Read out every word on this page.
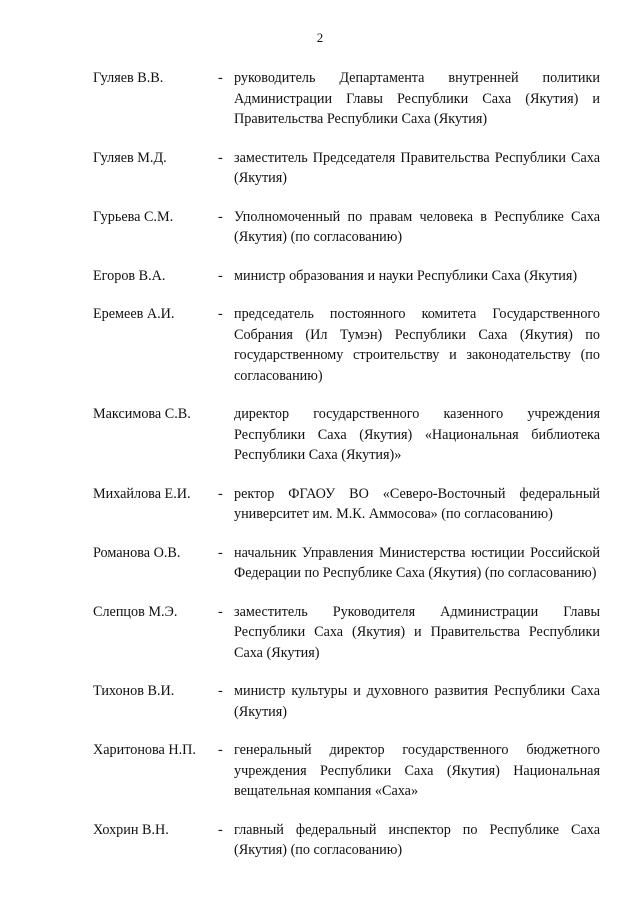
2
Гуляев В.В.	- руководитель Департамента внутренней политики Администрации Главы Республики Саха (Якутия) и Правительства Республики Саха (Якутия)
Гуляев М.Д.	- заместитель Председателя Правительства Республики Саха (Якутия)
Гурьева С.М.	- Уполномоченный по правам человека в Республике Саха (Якутия) (по согласованию)
Егоров В.А.	- министр образования и науки Республики Саха (Якутия)
Еремеев А.И.	- председатель постоянного комитета Государственного Собрания (Ил Тумэн) Республики Саха (Якутия) по государственному строительству и законодательству (по согласованию)
Максимова С.В.	директор государственного казенного учреждения Республики Саха (Якутия) «Национальная библиотека Республики Саха (Якутия)»
Михайлова Е.И.	- ректор ФГАОУ ВО «Северо-Восточный федеральный университет им. М.К. Аммосова» (по согласованию)
Романова О.В.	- начальник Управления Министерства юстиции Российской Федерации по Республике Саха (Якутия) (по согласованию)
Слепцов М.Э.	- заместитель Руководителя Администрации Главы Республики Саха (Якутия) и Правительства Республики Саха (Якутия)
Тихонов В.И.	- министр культуры и духовного развития Республики Саха (Якутия)
Харитонова Н.П.	- генеральный директор государственного бюджетного учреждения Республики Саха (Якутия) Национальная вещательная компания «Саха»
Хохрин В.Н.	- главный федеральный инспектор по Республике Саха (Якутия) (по согласованию)
